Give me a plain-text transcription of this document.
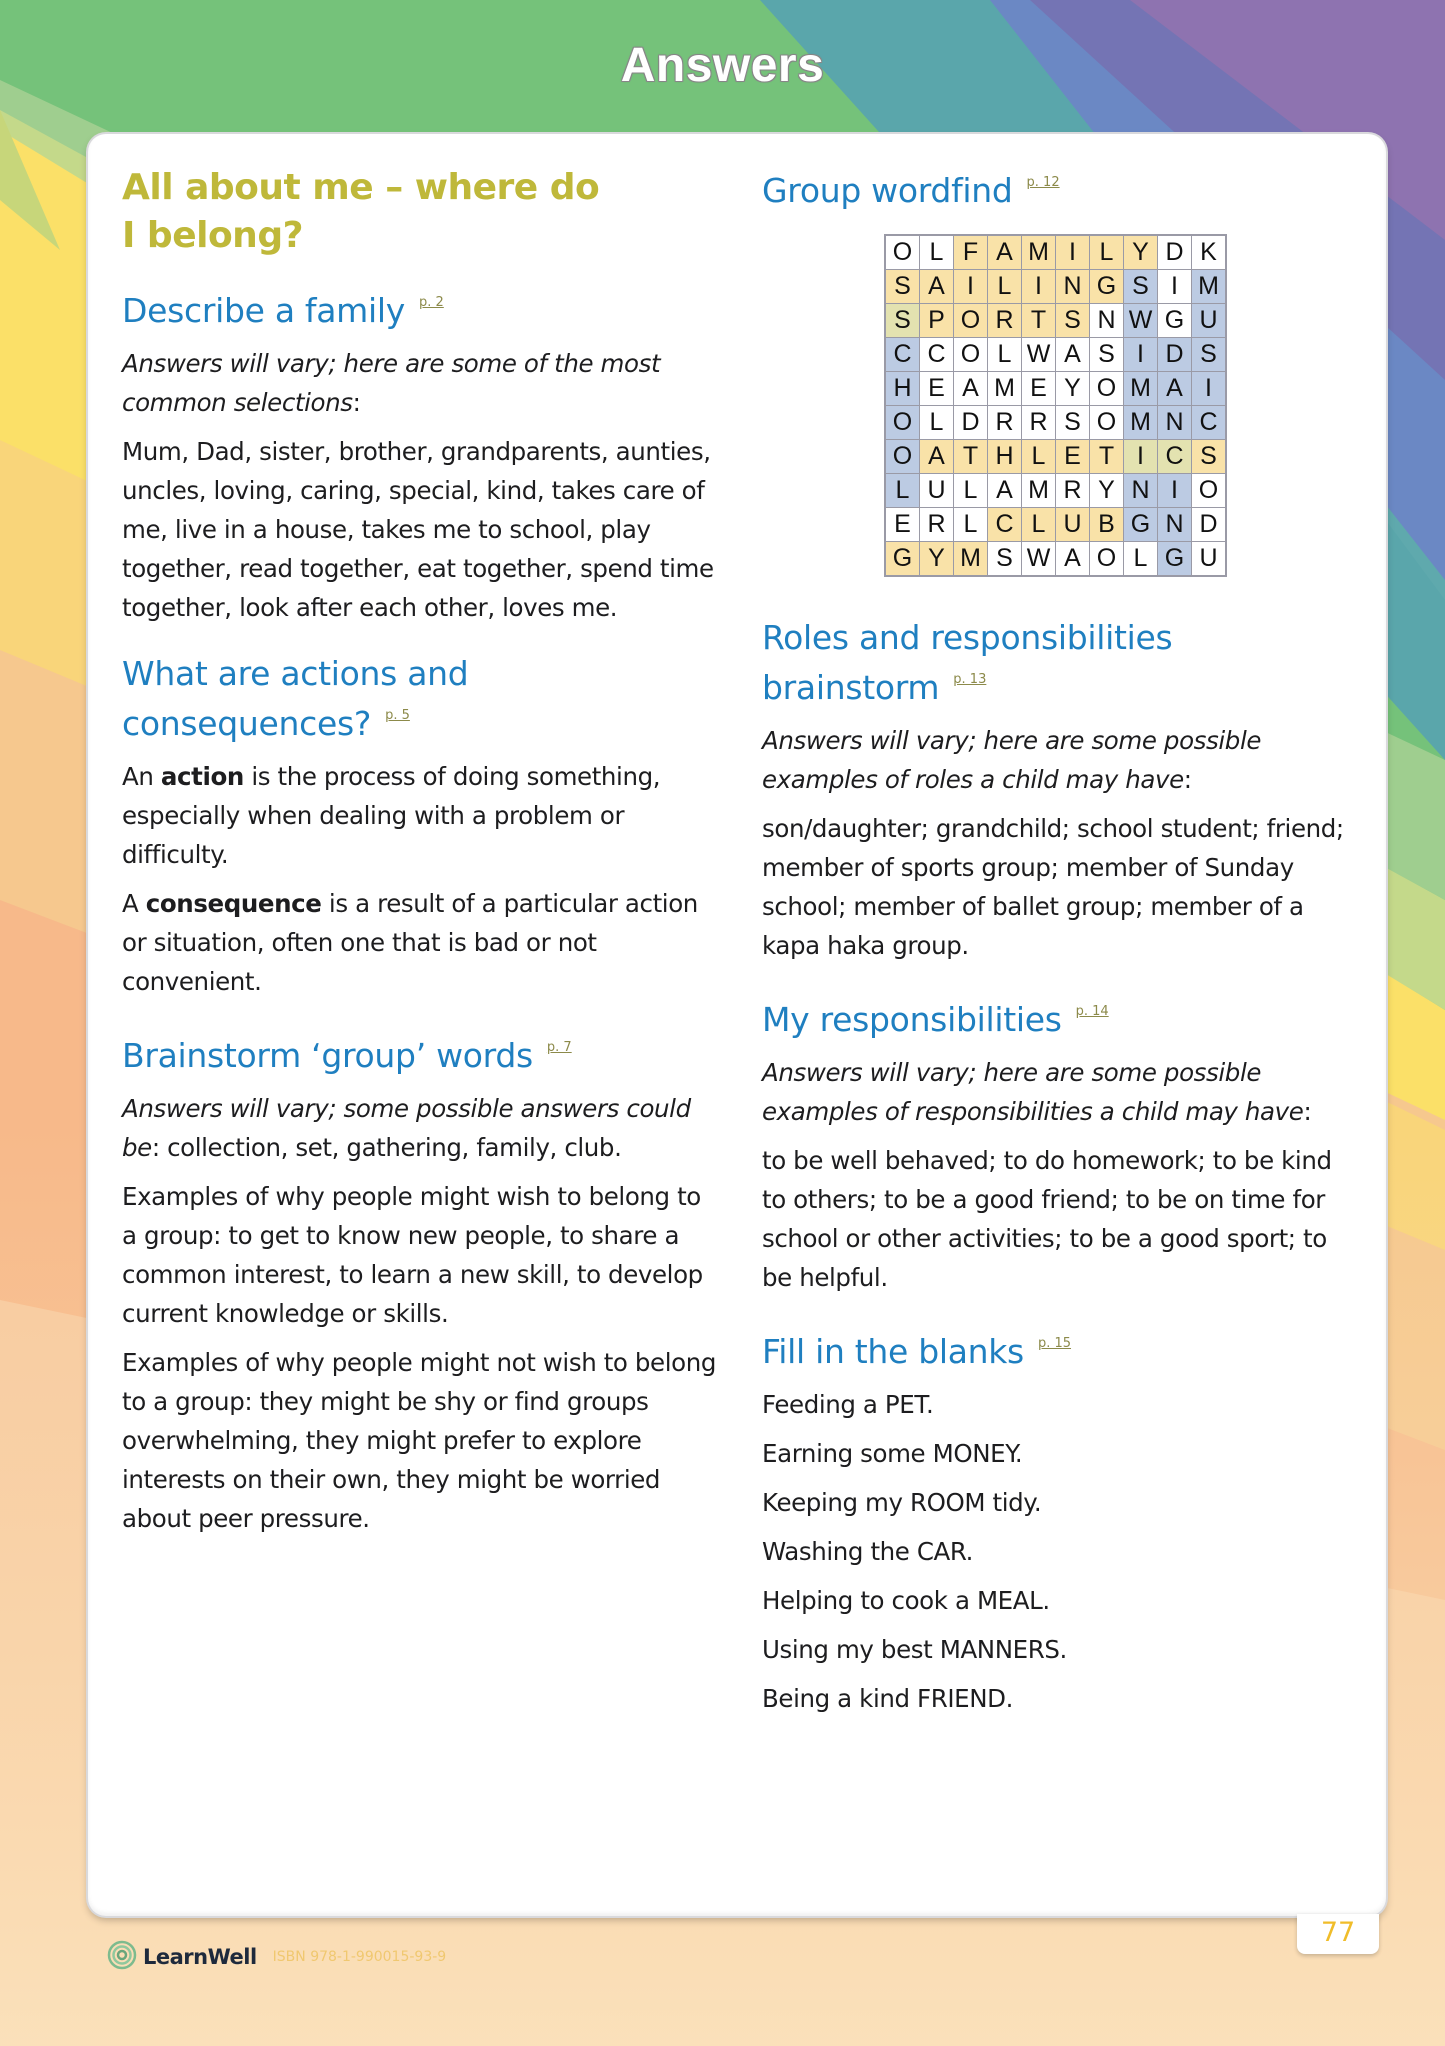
Answers
All about me – where do
I belong?
Describe a family $^{p. 2}$

Answers will vary; here are some of the most common selections:

Mum, Dad, sister, brother, grandparents, aunties, uncles, loving, caring, special, kind, takes care of me, live in a house, takes me to school, play together, read together, eat together, spend time together, look after each other, loves me.

What are actions and
consequences? $^{p. 5}$

An action is the process of doing something, especially when dealing with a problem or difficulty.

A consequence is a result of a particular action or situation, often one that is bad or not convenient.

Brainstorm ‘group’ words $^{p. 7}$

Answers will vary; some possible answers could be: collection, set, gathering, family, club.

Examples of why people might wish to belong to a group: to get to know new people, to share a common interest, to learn a new skill, to develop current knowledge or skills.

Examples of why people might not wish to belong to a group: they might be shy or find groups overwhelming, they might prefer to explore interests on their own, they might be worried about peer pressure.

Group wordfind $^{p. 12}$
O	L	F	A	M	I	L	Y	D	K
S	A	I	L	I	N	G	S	I	M
S	P	O	R	T	S	N	W	G	U
C	C	O	L	W	A	S	I	D	S
H	E	A	M	E	Y	O	M	A	I
O	L	D	R	R	S	O	M	N	C
O	A	T	H	L	E	T	I	C	S
L	U	L	A	M	R	Y	N	I	O
E	R	L	C	L	U	B	G	N	D
G	Y	M	S	W	A	O	L	G	U
Roles and responsibilities
brainstorm $^{p. 13}$

Answers will vary; here are some possible examples of roles a child may have:

son/daughter; grandchild; school student; friend; member of sports group; member of Sunday school; member of ballet group; member of a kapa haka group.

My responsibilities $^{p. 14}$

Answers will vary; here are some possible examples of responsibilities a child may have:

to be well behaved; to do homework; to be kind to others; to be a good friend; to be on time for school or other activities; to be a good sport; to be helpful.

Fill in the blanks $^{p. 15}$

Feeding a PET.

Earning some MONEY.

Keeping my ROOM tidy.

Washing the CAR.

Helping to cook a MEAL.

Using my best MANNERS.

Being a kind FRIEND.

77
LearnWell ISBN 978-1-990015-93-9
